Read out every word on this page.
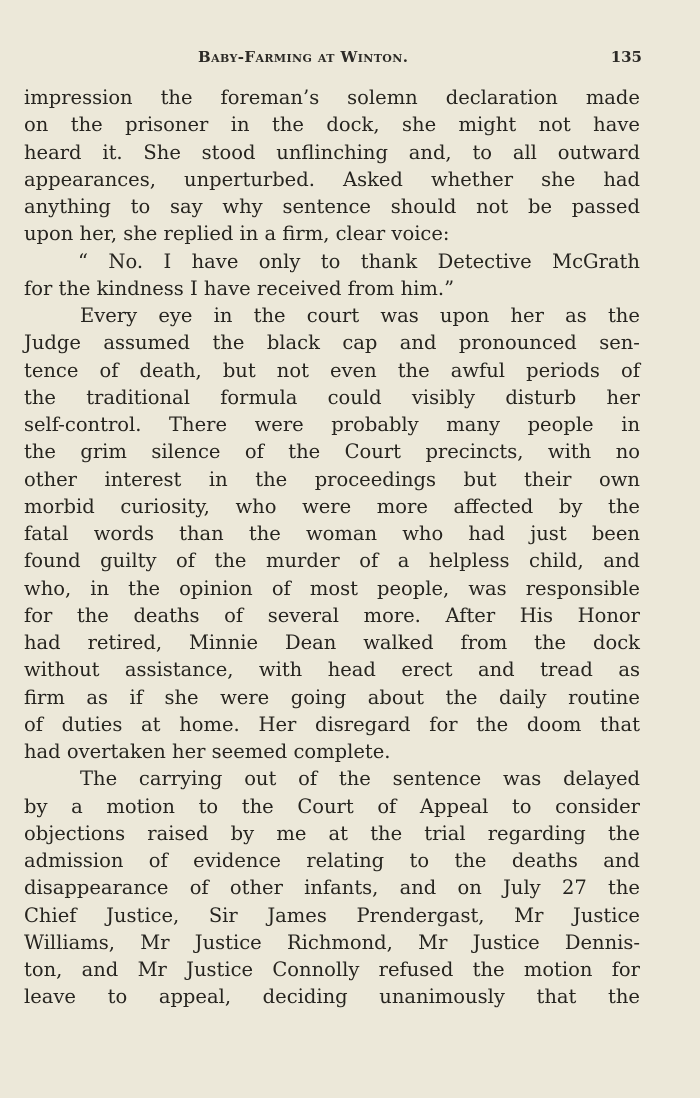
Baby-Farming at Winton.	135
impression the foreman’s solemn declaration made
on the prisoner in the dock, she might not have
heard it. She stood unflinching and, to all outward
appearances, unperturbed. Asked whether she had
anything to say why sentence should not be passed
upon her, she replied in a firm, clear voice:
“ No. I have only to thank Detective McGrath
for the kindness I have received from him.”
Every eye in the court was upon her as the
Judge assumed the black cap and pronounced sen-
tence of death, but not even the awful periods of
the traditional formula could visibly disturb her
self-control. There were probably many people in
the grim silence of the Court precincts, with no
other interest in the proceedings but their own
morbid curiosity, who were more affected by the
fatal words than the woman who had just been
found guilty of the murder of a helpless child, and
who, in the opinion of most people, was responsible
for the deaths of several more. After His Honor
had retired, Minnie Dean walked from the dock
without assistance, with head erect and tread as
firm as if she were going about the daily routine
of duties at home. Her disregard for the doom that
had overtaken her seemed complete.
The carrying out of the sentence was delayed
by a motion to the Court of Appeal to consider
objections raised by me at the trial regarding the
admission of evidence relating to the deaths and
disappearance of other infants, and on July 27 the
Chief Justice, Sir James Prendergast, Mr Justice
Williams, Mr Justice Richmond, Mr Justice Dennis-
ton, and Mr Justice Connolly refused the motion for
leave to appeal, deciding unanimously that the
